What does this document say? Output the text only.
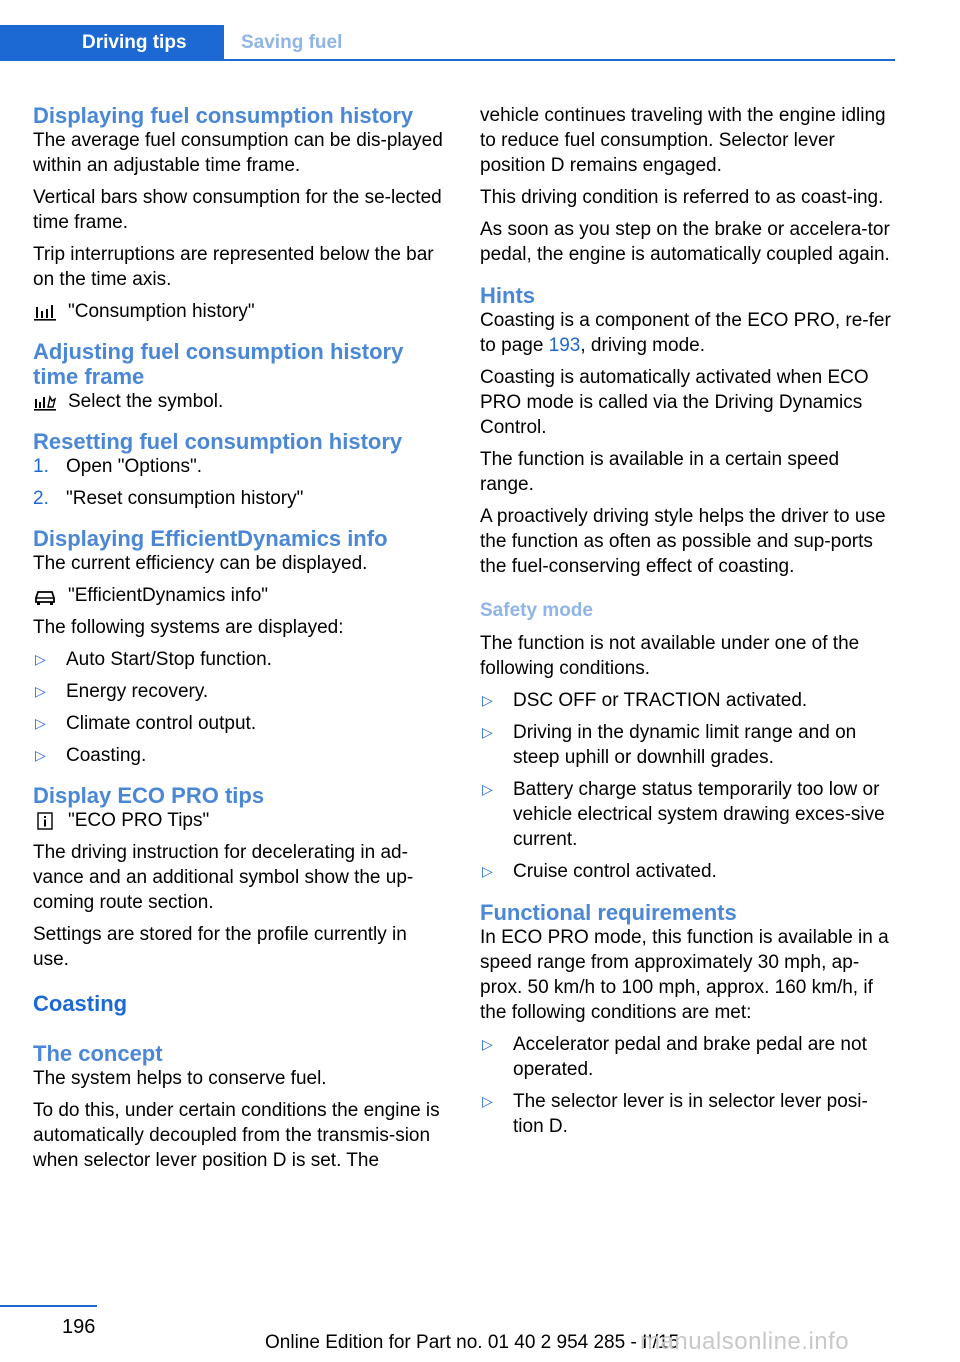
Driving tips	Saving fuel
Displaying fuel consumption history

The average fuel consumption can be dis‐played within an adjustable time frame.

Vertical bars show consumption for the se‐lected time frame.

Trip interruptions are represented below the bar on the time axis.

"Consumption history"
Adjusting fuel consumption history time frame
Select the symbol.
Resetting fuel consumption history
1. Open "Options".
2. "Reset consumption history"
Displaying EfficientDynamics info

The current efficiency can be displayed.

"EfficientDynamics info"

The following systems are displayed:

▷ Auto Start/Stop function.
▷ Energy recovery.
▷ Climate control output.
▷ Coasting.
Display ECO PRO tips
"ECO PRO Tips"

The driving instruction for decelerating in ad‐vance and an additional symbol show the up‐coming route section.

Settings are stored for the profile currently in use.

Coasting
The concept

The system helps to conserve fuel.

To do this, under certain conditions the engine is automatically decoupled from the transmis‐sion when selector lever position D is set. The

vehicle continues traveling with the engine idling to reduce fuel consumption. Selector lever position D remains engaged.

This driving condition is referred to as coast‐ing.

As soon as you step on the brake or accelera‐tor pedal, the engine is automatically coupled again.

Hints

Coasting is a component of the ECO PRO, re‐fer to page 193, driving mode.

Coasting is automatically activated when ECO PRO mode is called via the Driving Dynamics Control.

The function is available in a certain speed range.

A proactively driving style helps the driver to use the function as often as possible and sup‐ports the fuel-conserving effect of coasting.

Safety mode

The function is not available under one of the following conditions.

▷ DSC OFF or TRACTION activated.
▷ Driving in the dynamic limit range and on steep uphill or downhill grades.
▷ Battery charge status temporarily too low or vehicle electrical system drawing exces‐sive current.
▷ Cruise control activated.
Functional requirements

In ECO PRO mode, this function is available in a speed range from approximately 30 mph, ap‐prox. 50 km/h to 100 mph, approx. 160 km/h, if the following conditions are met:

▷ Accelerator pedal and brake pedal are not operated.
▷ The selector lever is in selector lever posi‐tion D.
196
Online Edition for Part no. 01 40 2 954 285 - II/15
manualsonline.info
